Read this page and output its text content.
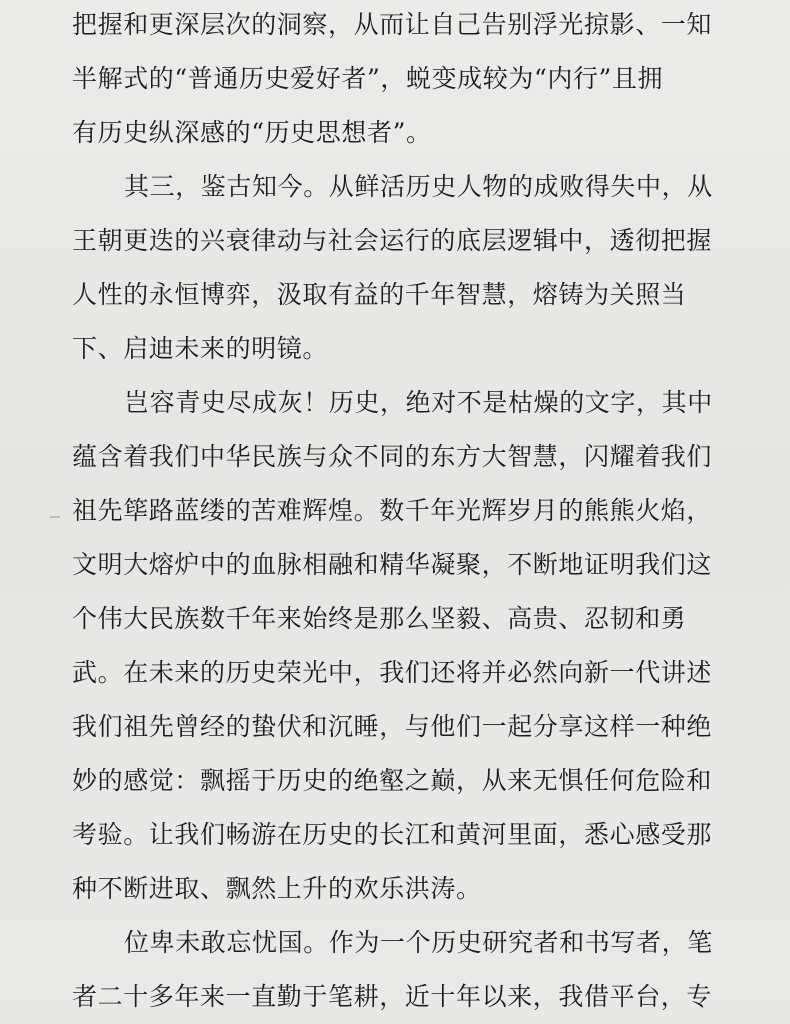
把握和更深层次的洞察，从而让自己告别浮光掠影、一知
半解式的“普通历史爱好者”，蜕变成较为“内行”且拥
有历史纵深感的“历史思想者”。
其三，鉴古知今。从鲜活历史人物的成败得失中，从
王朝更迭的兴衰律动与社会运行的底层逻辑中，透彻把握
人性的永恒博弈，汲取有益的千年智慧，熔铸为关照当
下、启迪未来的明镜。
岂容青史尽成灰！历史，绝对不是枯燥的文字，其中
蕴含着我们中华民族与众不同的东方大智慧，闪耀着我们
祖先筚路蓝缕的苦难辉煌。数千年光辉岁月的熊熊火焰，
文明大熔炉中的血脉相融和精华凝聚，不断地证明我们这
个伟大民族数千年来始终是那么坚毅、高贵、忍韧和勇
武。在未来的历史荣光中，我们还将并必然向新一代讲述
我们祖先曾经的蛰伏和沉睡，与他们一起分享这样一种绝
妙的感觉：飘摇于历史的绝壑之巅，从来无惧任何危险和
考验。让我们畅游在历史的长江和黄河里面，悉心感受那
种不断进取、飘然上升的欢乐洪涛。
位卑未敢忘忧国。作为一个历史研究者和书写者，笔
者二十多年来一直勤于笔耕，近十年以来，我借平台，专
